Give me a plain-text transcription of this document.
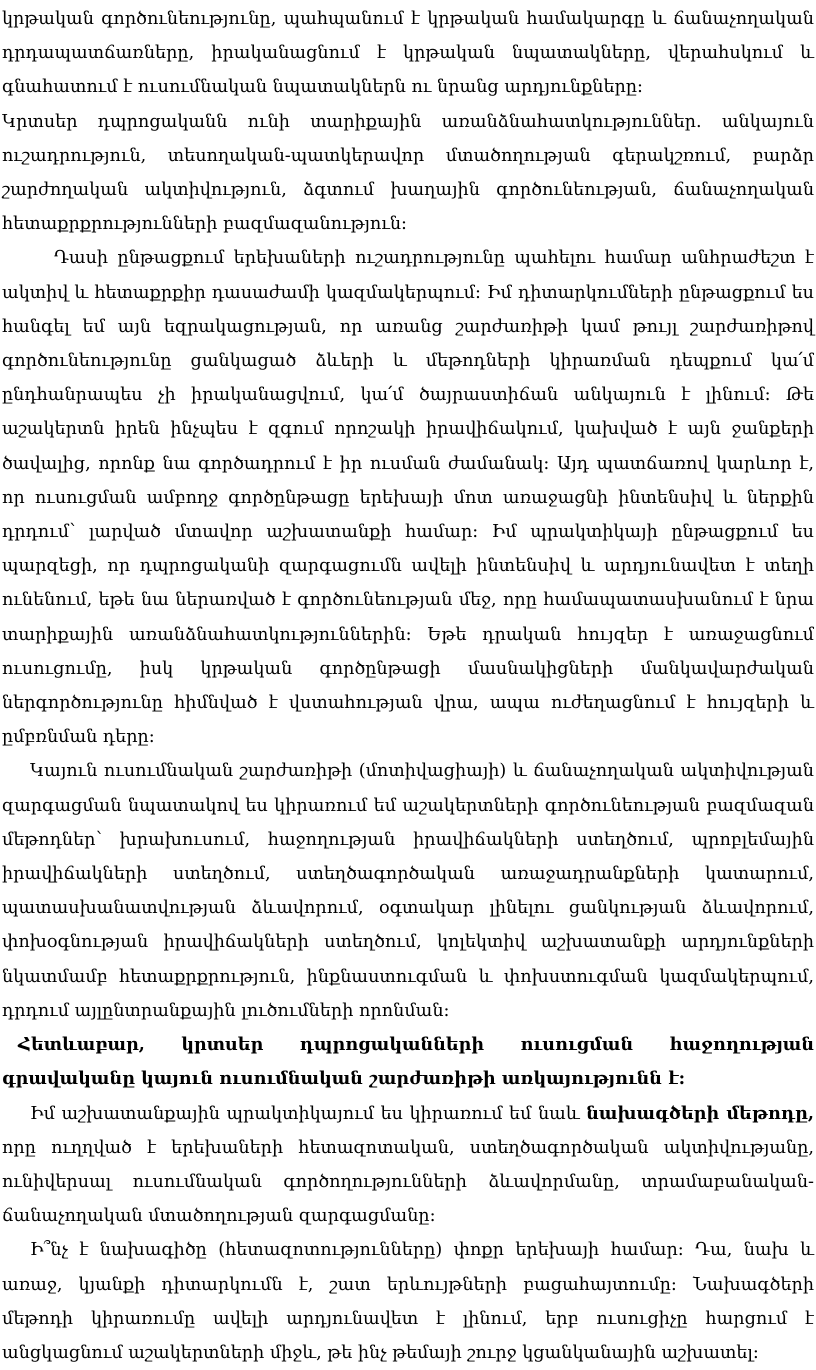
կրթական գործունեությունը, պահպանում է կրթական համակարգը և ճանաչողական դրդապատճառները, իրականացնում է կրթական նպատակները, վերահսկում և գնահատում է ուսումնական նպատակներն ու նրանց արդյունքները:

Կրտսեր դպրոցականն ունի տարիքային առանձնահատկություններ. անկայուն ուշադրություն, տեսողական-պատկերավոր մտածողության գերակշռում, բարձր շարժողական ակտիվություն, ձգտում խաղային գործունեության, ճանաչողական հետաքրքրությունների բազմազանություն:

Դասի ընթացքում երեխաների ուշադրությունը պահելու համար անհրաժեշտ է ակտիվ և հետաքրքիր դասաժամի կազմակերպում: Իմ դիտարկումների ընթացքում ես հանգել եմ այն եզրակացության, որ առանց շարժառիթի կամ թույլ շարժառիթով գործունեությունը ցանկացած ձևերի և մեթոդների կիրառման դեպքում կա՛մ ընդհանրապես չի իրականացվում, կա՛մ ծայրաստիճան անկայուն է լինում: Թե աշակերտն իրեն ինչպես է զգում որոշակի իրավիճակում, կախված է այն ջանքերի ծավալից, որոնք նա գործադրում է իր ուսման ժամանակ: Այդ պատճառով կարևոր է, որ ուսուցման ամբողջ գործընթացը երեխայի մոտ առաջացնի ինտենսիվ և ներքին դրդում՝ լարված մտավոր աշխատանքի համար: Իմ պրակտիկայի ընթացքում ես պարզեցի, որ դպրոցականի զարգացումն ավելի ինտենսիվ և արդյունավետ է տեղի ունենում, եթե նա ներառված է գործունեության մեջ, որը համապատասխանում է նրա տարիքային առանձնահատկություններին: Եթե դրական հույզեր է առաջացնում ուսուցումը, իսկ կրթական գործընթացի մասնակիցների մանկավարժական ներգործությունը հիմնված է վստահության վրա, ապա ուժեղացնում է հույզերի և ըմբռնման դերը:

Կայուն ուսումնական շարժառիթի (մոտիվացիայի) և ճանաչողական ակտիվության զարգացման նպատակով ես կիրառում եմ աշակերտների գործունեության բազմազան մեթոդներ՝ խրախուսում, հաջողության իրավիճակների ստեղծում, պրոբլեմային իրավիճակների ստեղծում, ստեղծագործական առաջադրանքների կատարում, պատասխանատվության ձևավորում, օգտակար լինելու ցանկության ձևավորում, փոխօգնության իրավիճակների ստեղծում, կոլեկտիվ աշխատանքի արդյունքների նկատմամբ հետաքրքրություն, ինքնաստուգման և փոխստուգման կազմակերպում, դրդում այլընտրանքային լուծումների որոնման:

Հետևաբար, կրտսեր դպրոցականների ուսուցման հաջողության գրավականը կայուն ուսումնական շարժառիթի առկայությունն է:

Իմ աշխատանքային պրակտիկայում ես կիրառում եմ նաև նախագծերի մեթոդը, որը ուղղված է երեխաների հետազոտական, ստեղծագործական ակտիվությանը, ունիվերսալ ուսումնական գործողությունների ձևավորմանը, տրամաբանական-ճանաչողական մտածողության զարգացմանը:

Ի՞նչ է նախագիծը (հետազոտությունները) փոքր երեխայի համար: Դա, նախ և առաջ, կյանքի դիտարկումն է, շատ երևույթների բացահայտումը: Նախագծերի մեթոդի կիրառումը ավելի արդյունավետ է լինում, երբ ուսուցիչը հարցում է անցկացնում աշակերտների միջև, թե ինչ թեմայի շուրջ կցանկանային աշխատել:
